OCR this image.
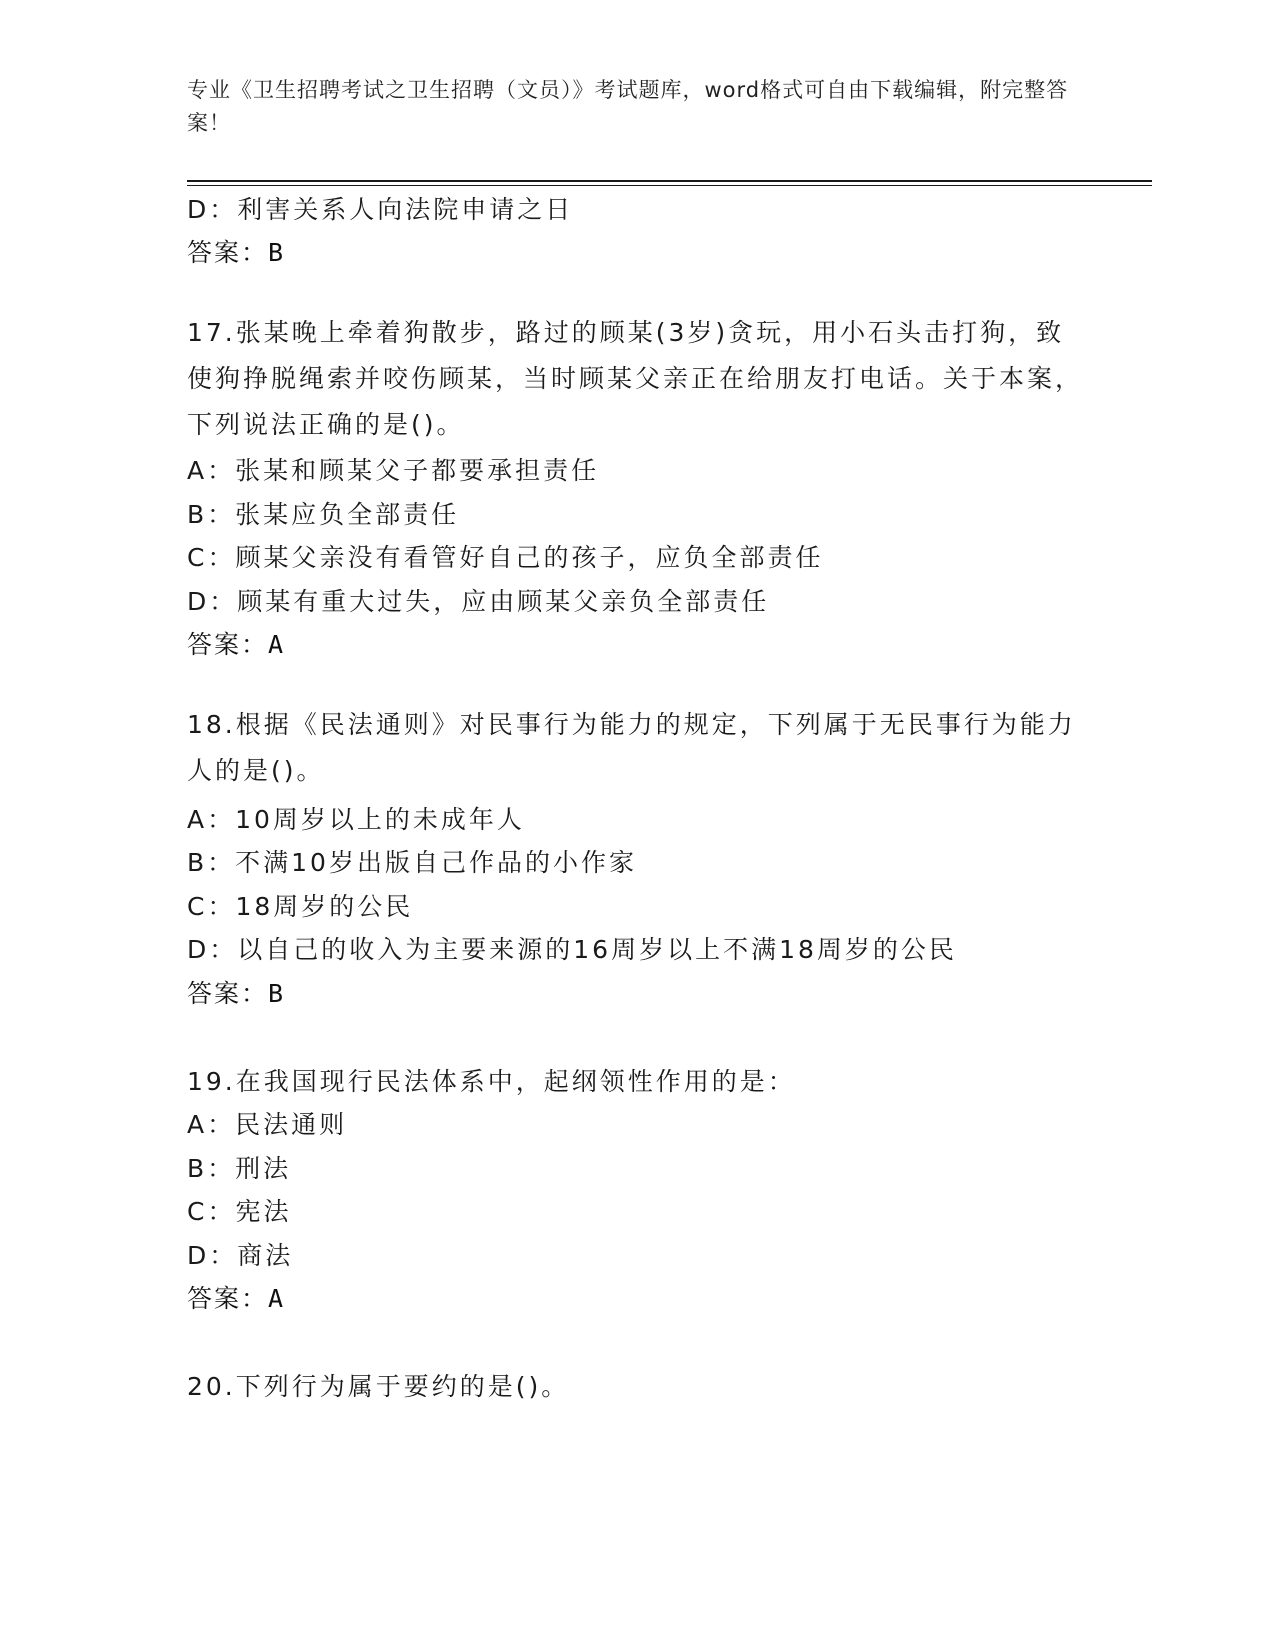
专业《卫生招聘考试之卫生招聘（文员）》考试题库，word格式可自由下载编辑，附完整答案！
D：利害关系人向法院申请之日
答案：B
17.张某晚上牵着狗散步，路过的顾某(3岁)贪玩，用小石头击打狗，致使狗挣脱绳索并咬伤顾某，当时顾某父亲正在给朋友打电话。关于本案，下列说法正确的是()。
A：张某和顾某父子都要承担责任
B：张某应负全部责任
C：顾某父亲没有看管好自己的孩子，应负全部责任
D：顾某有重大过失，应由顾某父亲负全部责任
答案：A
18.根据《民法通则》对民事行为能力的规定，下列属于无民事行为能力人的是()。
A：10周岁以上的未成年人
B：不满10岁出版自己作品的小作家
C：18周岁的公民
D：以自己的收入为主要来源的16周岁以上不满18周岁的公民
答案：B
19.在我国现行民法体系中，起纲领性作用的是：
A：民法通则
B：刑法
C：宪法
D：商法
答案：A
20.下列行为属于要约的是()。
